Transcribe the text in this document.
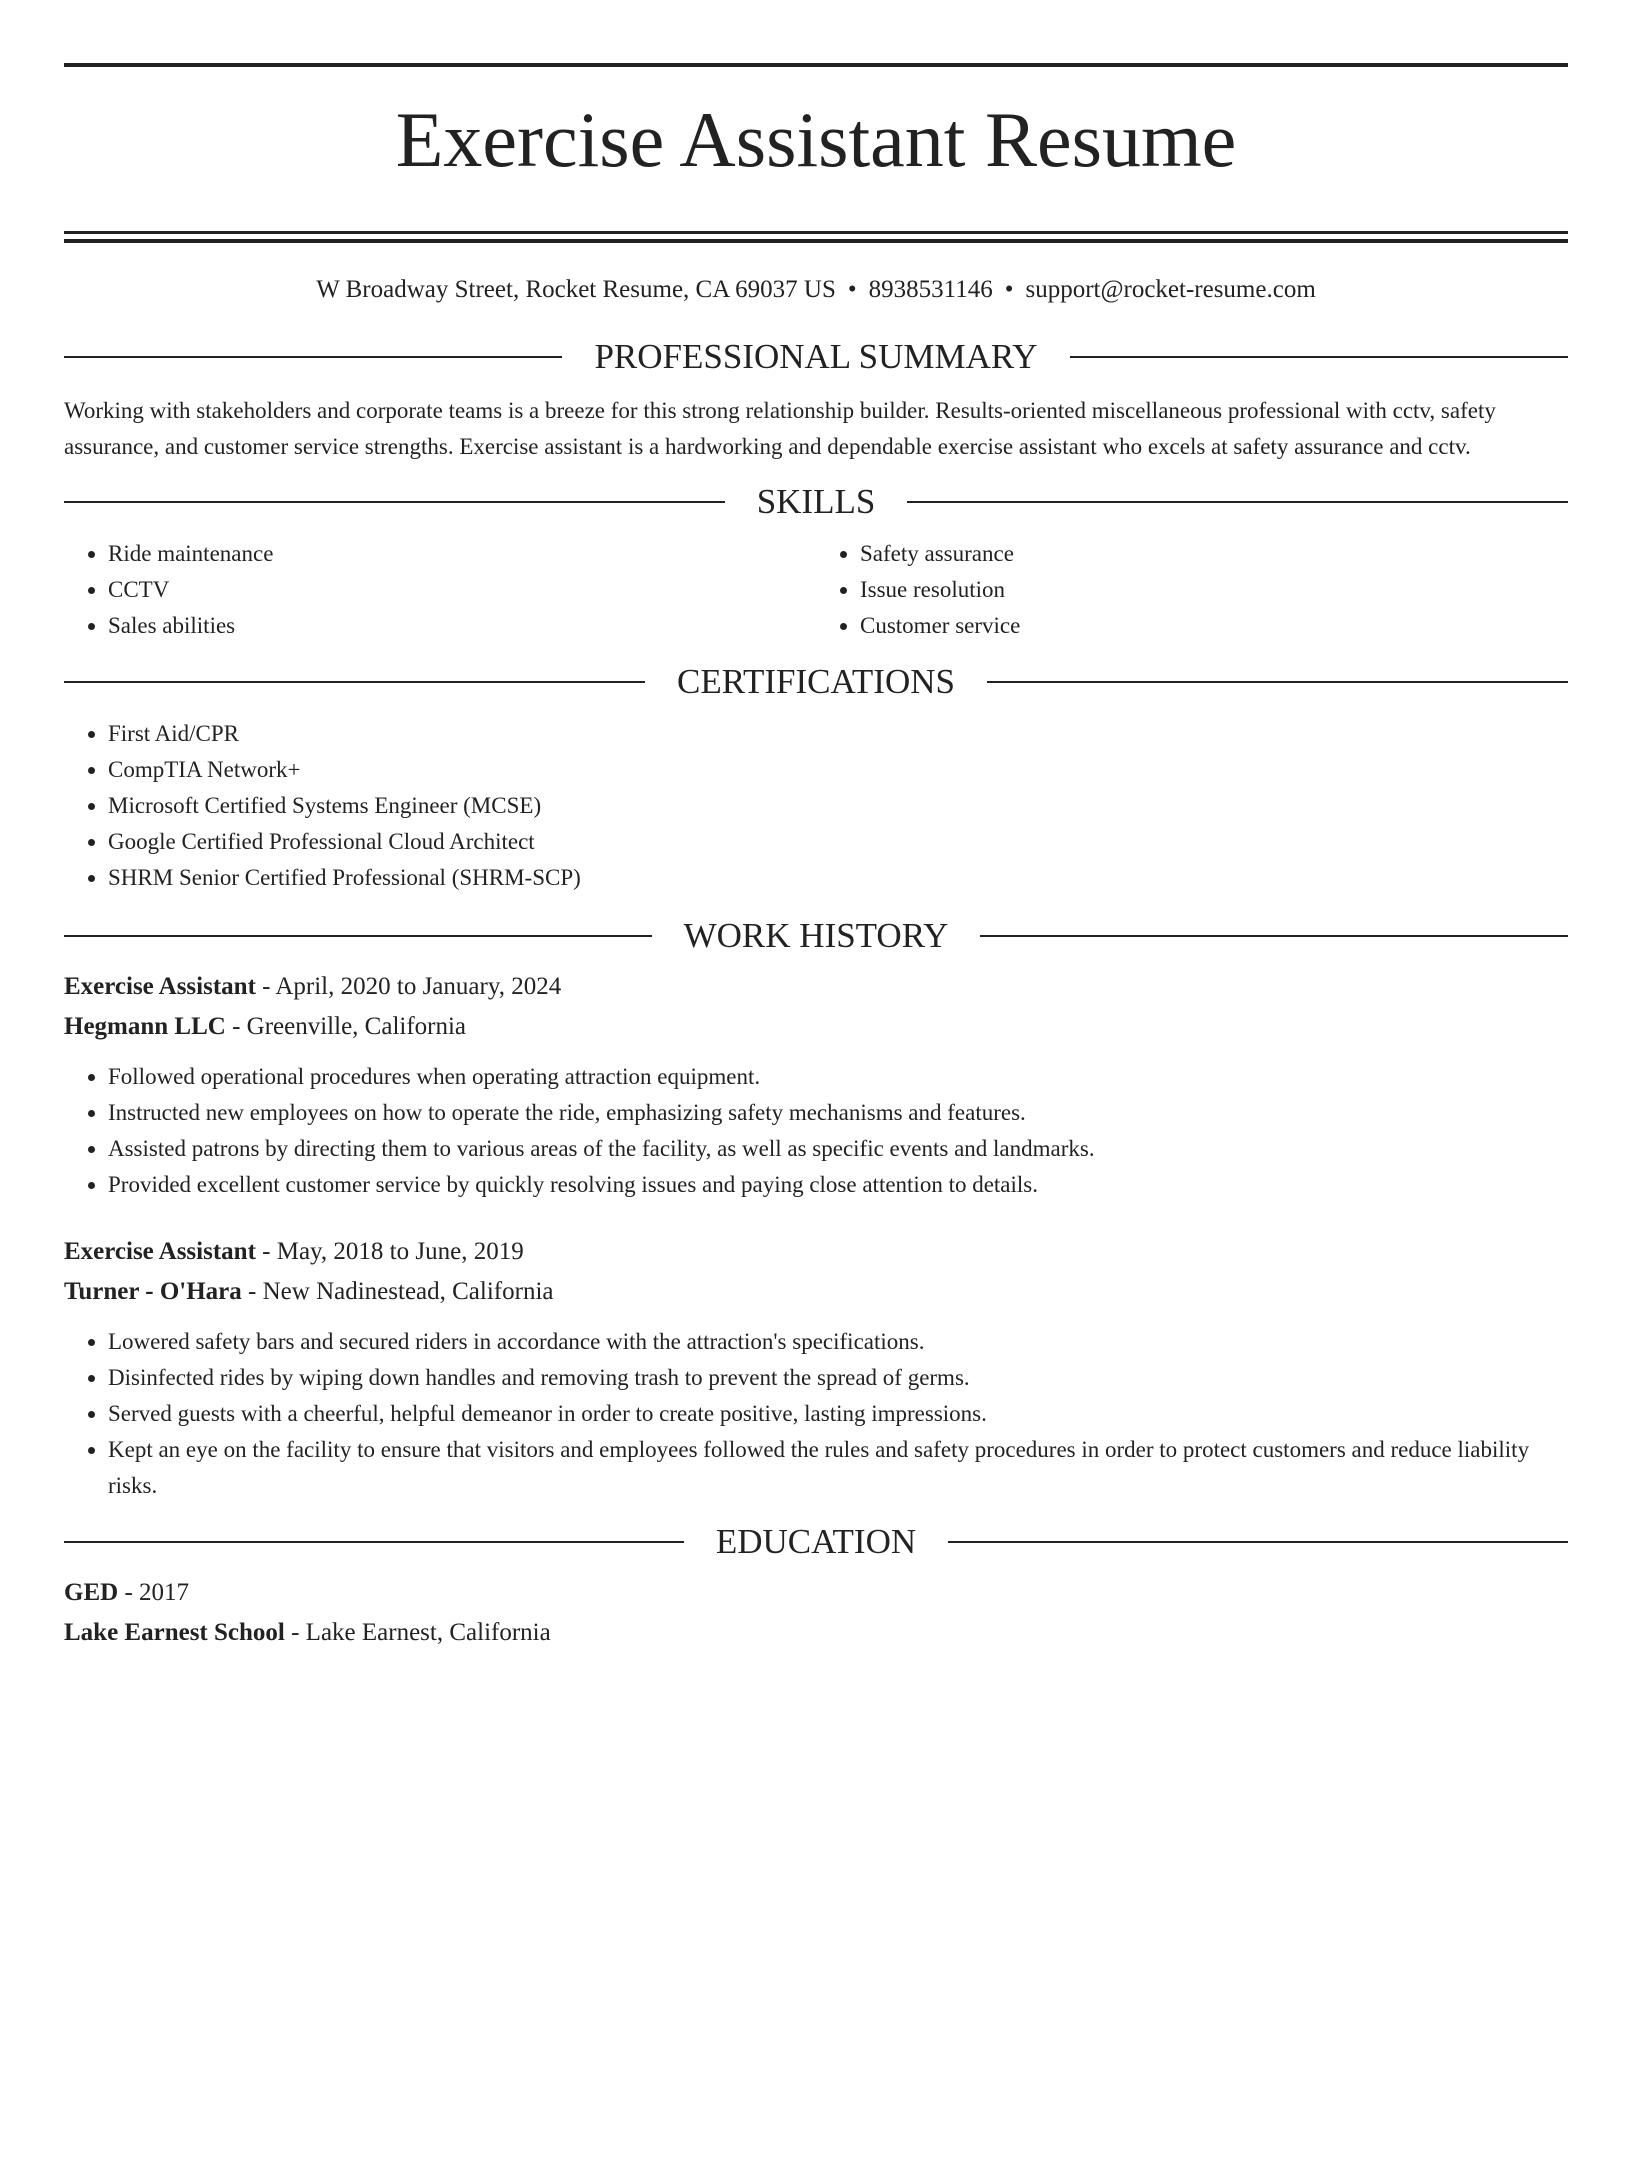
Exercise Assistant Resume
W Broadway Street, Rocket Resume, CA 69037 US • 8938531146 • support@rocket-resume.com
PROFESSIONAL SUMMARY

Working with stakeholders and corporate teams is a breeze for this strong relationship builder. Results-oriented miscellaneous professional with cctv, safety assurance, and customer service strengths. Exercise assistant is a hardworking and dependable exercise assistant who excels at safety assurance and cctv.

SKILLS
• Ride maintenance
• CCTV
• Sales abilities
• Safety assurance
• Issue resolution
• Customer service
CERTIFICATIONS
• First Aid/CPR
• CompTIA Network+
• Microsoft Certified Systems Engineer (MCSE)
• Google Certified Professional Cloud Architect
• SHRM Senior Certified Professional (SHRM-SCP)
WORK HISTORY
Exercise Assistant - April, 2020 to January, 2024
Hegmann LLC - Greenville, California
• Followed operational procedures when operating attraction equipment.
• Instructed new employees on how to operate the ride, emphasizing safety mechanisms and features.
• Assisted patrons by directing them to various areas of the facility, as well as specific events and landmarks.
• Provided excellent customer service by quickly resolving issues and paying close attention to details.
Exercise Assistant - May, 2018 to June, 2019
Turner - O'Hara - New Nadinestead, California
• Lowered safety bars and secured riders in accordance with the attraction's specifications.
• Disinfected rides by wiping down handles and removing trash to prevent the spread of germs.
• Served guests with a cheerful, helpful demeanor in order to create positive, lasting impressions.
• Kept an eye on the facility to ensure that visitors and employees followed the rules and safety procedures in order to protect customers and reduce liability risks.
EDUCATION
GED - 2017
Lake Earnest School - Lake Earnest, California
